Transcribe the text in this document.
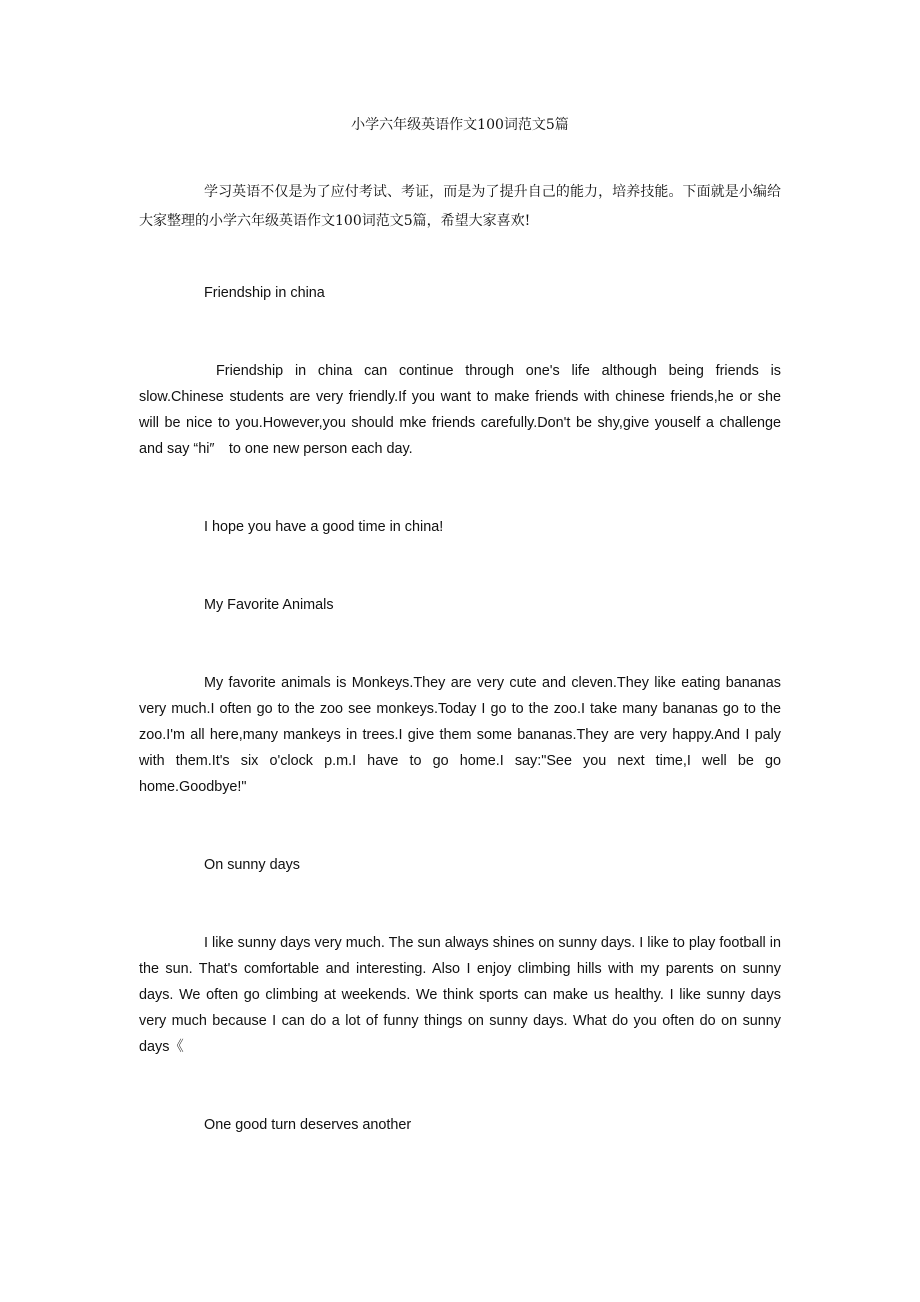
小学六年级英语作文100词范文5篇

学习英语不仅是为了应付考试、考证，而是为了提升自己的能力，培养技能。下面就是小编给大家整理的小学六年级英语作文100词范文5篇，希望大家喜欢!

Friendship in china

Friendship in china can continue through one's life although being friends is slow.Chinese students are very friendly.If you want to make friends with chinese friends,he or she will be nice to you.However,you should mke friends carefully.Don't be shy,give youself a challenge and say “hi″　to one new person each day.

I hope you have a good time in china!

My Favorite Animals

My favorite animals is Monkeys.They are very cute and cleven.They like eating bananas very much.I often go to the zoo see monkeys.Today I go to the zoo.I take many bananas go to the zoo.I'm all here,many mankeys in trees.I give them some bananas.They are very happy.And I paly with them.It's six o'clock p.m.I have to go home.I say:"See you next time,I well be go home.Goodbye!"

On sunny days

I like sunny days very much. The sun always shines on sunny days. I like to play football in the sun. That's comfortable and interesting. Also I enjoy climbing hills with my parents on sunny days. We often go climbing at weekends. We think sports can make us healthy. I like sunny days very much because I can do a lot of funny things on sunny days. What do you often do on sunny days《

One good turn deserves another
